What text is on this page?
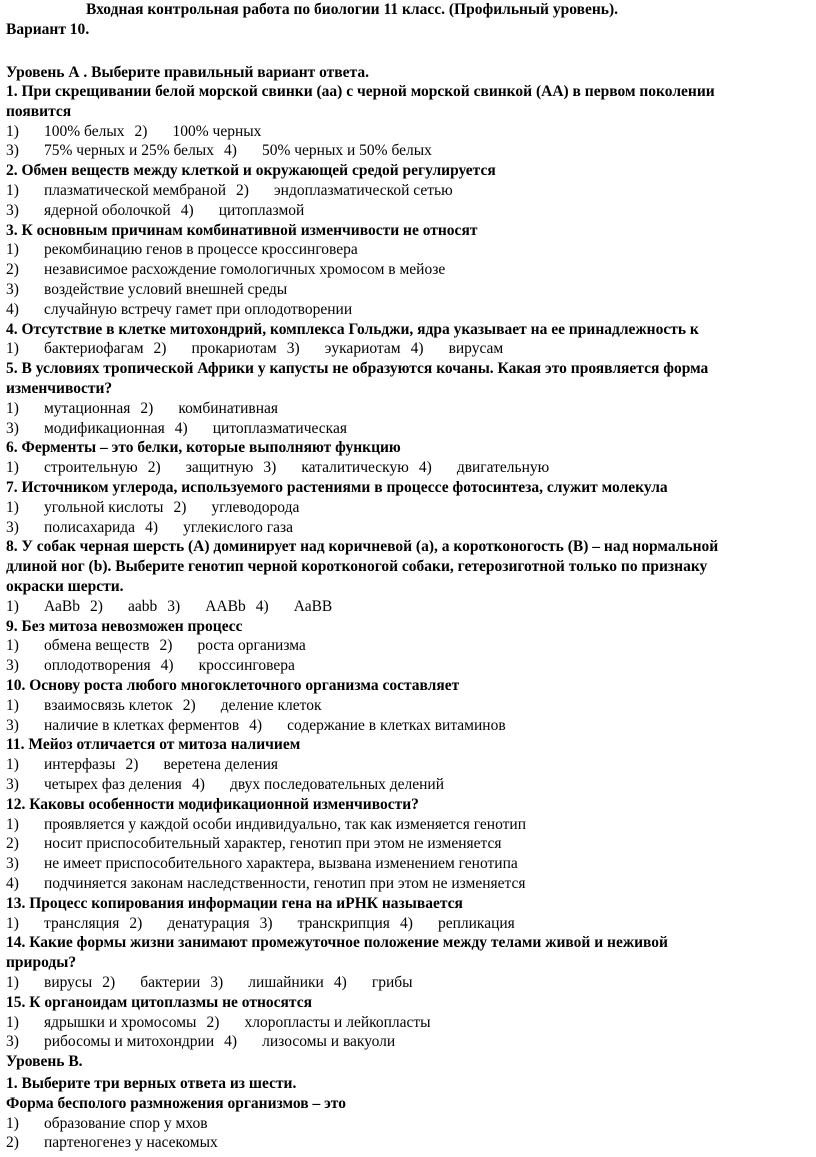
Входная контрольная работа по биологии 11 класс. (Профильный уровень).
Вариант 10.
Уровень А . Выберите правильный вариант ответа.
1. При скрещивании белой морской свинки (аа) с черной морской свинкой (АА) в первом поколении
появится
1) 100% белых 2) 100% черных
3) 75% черных и 25% белых 4) 50% черных и 50% белых
2. Обмен веществ между клеткой и окружающей средой регулируется
1) плазматической мембраной 2) эндоплазматической сетью
3) ядерной оболочкой 4) цитоплазмой
3. К основным причинам комбинативной изменчивости не относят
1) рекомбинацию генов в процессе кроссинговера
2) независимое расхождение гомологичных хромосом в мейозе
3) воздействие условий внешней среды
4) случайную встречу гамет при оплодотворении
4. Отсутствие в клетке митохондрий, комплекса Гольджи, ядра указывает на ее принадлежность к
1) бактериофагам 2) прокариотам 3) эукариотам 4) вирусам
5. В условиях тропической Африки у капусты не образуются кочаны. Какая это проявляется форма
изменчивости?
1) мутационная 2) комбинативная
3) модификационная 4) цитоплазматическая
6. Ферменты – это белки, которые выполняют функцию
1) строительную 2) защитную 3) каталитическую 4) двигательную
7. Источником углерода, используемого растениями в процессе фотосинтеза, служит молекула
1) угольной кислоты 2) углеводорода
3) полисахарида 4) углекислого газа
8. У собак черная шерсть (А) доминирует над коричневой (а), а коротконогость (В) – над нормальной
длиной ног (b). Выберите генотип черной коротконогой собаки, гетерозиготной только по признаку
окраски шерсти.
1) АаВb 2) ааbb 3) ААВb 4) АаВВ
9. Без митоза невозможен процесс
1) обмена веществ 2) роста организма
3) оплодотворения 4) кроссинговера
10. Основу роста любого многоклеточного организма составляет
1) взаимосвязь клеток 2) деление клеток
3) наличие в клетках ферментов 4) содержание в клетках витаминов
11. Мейоз отличается от митоза наличием
1) интерфазы 2) веретена деления
3) четырех фаз деления 4) двух последовательных делений
12. Каковы особенности модификационной изменчивости?
1) проявляется у каждой особи индивидуально, так как изменяется генотип
2) носит приспособительный характер, генотип при этом не изменяется
3) не имеет приспособительного характера, вызвана изменением генотипа
4) подчиняется законам наследственности, генотип при этом не изменяется
13. Процесс копирования информации гена на иРНК называется
1) трансляция 2) денатурация 3) транскрипция 4) репликация
14. Какие формы жизни занимают промежуточное положение между телами живой и неживой
природы?
1) вирусы 2) бактерии 3) лишайники 4) грибы
15. К органоидам цитоплазмы не относятся
1) ядрышки и хромосомы 2) хлоропласты и лейкопласты
3) рибосомы и митохондрии 4) лизосомы и вакуоли
Уровень В.
1. Выберите три верных ответа из шести.
Форма бесполого размножения организмов – это
1) образование спор у мхов
2) партеногенез у насекомых
